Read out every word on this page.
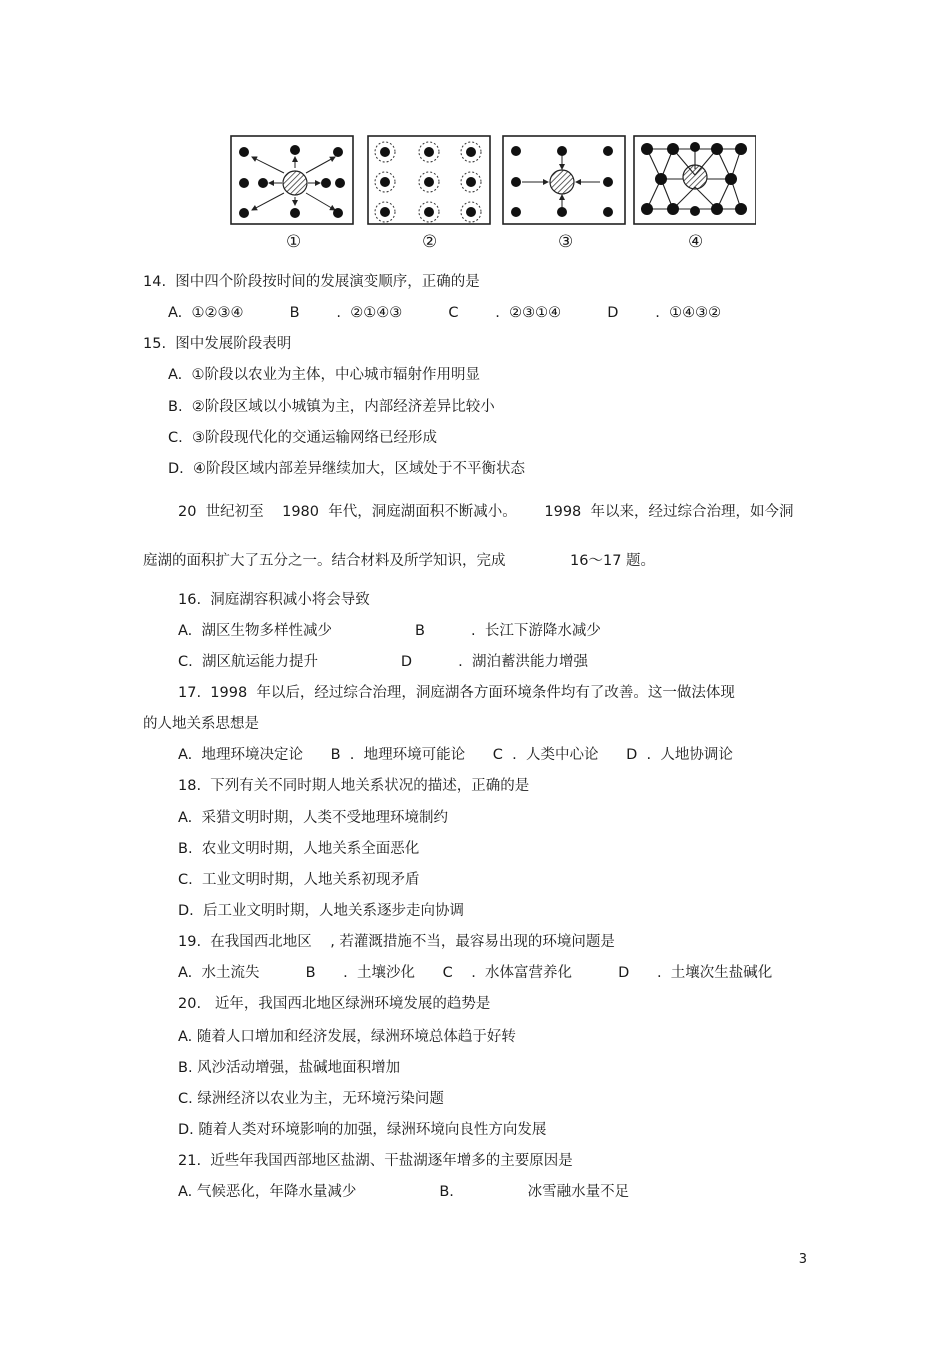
①	②	③	④
14.  图中四个阶段按时间的发展演变顺序，正确的是
A.  ①②③④          B        .  ②①④③          C        .  ②③①④          D        .  ①④③②
15.  图中发展阶段表明
A.  ①阶段以农业为主体，中心城市辐射作用明显
B.  ②阶段区域以小城镇为主，内部经济差异比较小
C.  ③阶段现代化的交通运输网络已经形成
D.  ④阶段区域内部差异继续加大，区域处于不平衡状态
20  世纪初至    1980  年代，洞庭湖面积不断减小。      1998  年以来，经过综合治理，如今洞
庭湖的面积扩大了五分之一。结合材料及所学知识，完成              16～17 题。
16.  洞庭湖容积减小将会导致
A.  湖区生物多样性减少                  B          .  长江下游降水减少
C.  湖区航运能力提升                  D          .  湖泊蓄洪能力增强
17.  1998  年以后，经过综合治理，洞庭湖各方面环境条件均有了改善。这一做法体现
的人地关系思想是
A.  地理环境决定论      B  .  地理环境可能论      C  .  人类中心论      D  .  人地协调论
18.  下列有关不同时期人地关系状况的描述，正确的是
A.  采猎文明时期，人类不受地理环境制约
B.  农业文明时期，人地关系全面恶化
C.  工业文明时期，人地关系初现矛盾
D.  后工业文明时期，人地关系逐步走向协调
19.  在我国西北地区    , 若灌溉措施不当，最容易出现的环境问题是
A.  水土流失          B      .  土壤沙化      C    .  水体富营养化          D      .  土壤次生盐碱化
20.   近年，我国西北地区绿洲环境发展的趋势是
A. 随着人口增加和经济发展，绿洲环境总体趋于好转
B. 风沙活动增强，盐碱地面积增加
C. 绿洲经济以农业为主，无环境污染问题
D. 随着人类对环境影响的加强，绿洲环境向良性方向发展
21.  近些年我国西部地区盐湖、干盐湖逐年增多的主要原因是
A. 气候恶化，年降水量减少                  B.                冰雪融水量不足
3
